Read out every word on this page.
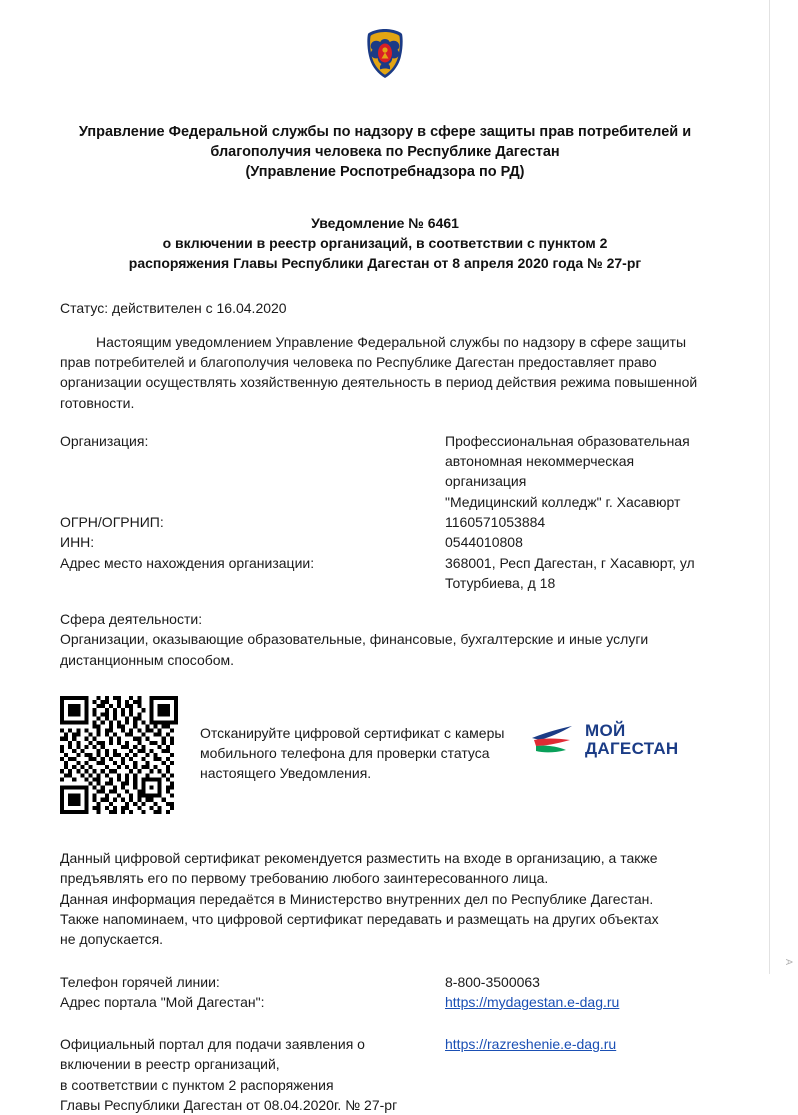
Управление Федеральной службы по надзору в сфере защиты прав потребителей и
благополучия человека по Республике Дагестан
(Управление Роспотребнадзора по РД)
Уведомление № 6461
о включении в реестр организаций, в соответствии с пунктом 2
распоряжения Главы Республики Дагестан от 8 апреля 2020 года № 27-рг
Статус: действителен с 16.04.2020
Настоящим уведомлением Управление Федеральной службы по надзору в сфере защиты прав потребителей и благополучия человека по Республике Дагестан предоставляет право организации осуществлять хозяйственную деятельность в период действия режима повышенной готовности.
Организация:	Профессиональная образовательная
автономная некоммерческая организация
"Медицинский колледж" г. Хасавюрт
ОГРН/ОГРНИП:	1160571053884
ИНН:	0544010808
Адрес место нахождения организации:	368001, Респ Дагестан, г Хасавюрт, ул
Тотурбиева, д 18
Сфера деятельности:
Организации, оказывающие образовательные, финансовые, бухгалтерские и иные услуги
дистанционным способом.
Отсканируйте цифровой сертификат с камеры
мобильного телефона для проверки статуса
настоящего Уведомления.
МОЙ
ДАГЕСТАН

Данный цифровой сертификат рекомендуется разместить на входе в организацию, а также

предъявлять его по первому требованию любого заинтересованного лица.

Данная информация передаётся в Министерство внутренних дел по Республике Дагестан.

Также напоминаем, что цифровой сертификат передавать и размещать на других объектах

не допускается.

Телефон горячей линии:	8-800-3500063
Адрес портала "Мой Дагестан":	https://mydagestan.e-dag.ru
Официальный портал для подачи заявления о
включении в реестр организаций,
в соответствии с пунктом 2 распоряжения
Главы Республики Дагестан от 08.04.2020г. № 27-рг
https://razreshenie.e-dag.ru
A
